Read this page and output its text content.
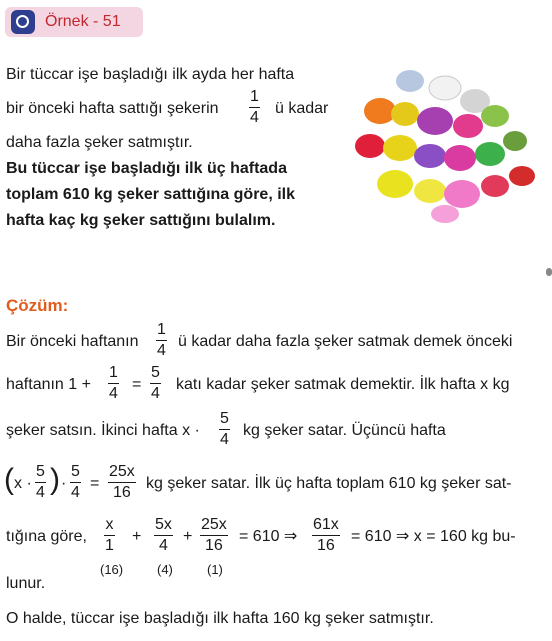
Örnek - 51
Bir tüccar işe başladığı ilk ayda her hafta
bir önceki hafta sattığı şekerin
1
4
ü kadar
daha fazla şeker satmıştır.
Bu tüccar işe başladığı ilk üç haftada
toplam 610 kg şeker sattığına göre, ilk
hafta kaç kg şeker sattığını bulalım.
Çözüm:
Bir önceki haftanın
1
4
ü kadar daha fazla şeker satmak demek önceki
haftanın 1 +
1
4
=
5
4
katı kadar şeker satmak demektir. İlk hafta x kg
şeker satsın. İkinci hafta x ·
5
4
kg şeker satar. Üçüncü hafta
( x ·
5
4 ) ·
5
4
=
25x
16
kg şeker satar. İlk üç hafta toplam 610 kg şeker sat-
tığına göre,
x
1
+
5x
4
+
25x
16
= 610 ⇒
61x
16
= 610 ⇒ x = 160 kg bu-
(16)	(4)	(1)
lunur.
O halde, tüccar işe başladığı ilk hafta 160 kg şeker satmıştır.
